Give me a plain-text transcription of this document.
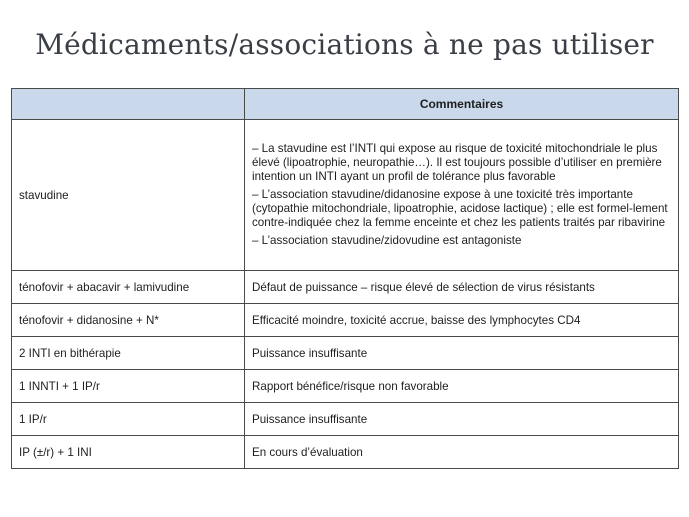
Médicaments/associations à ne pas utiliser
	Commentaires
stavudine	– La stavudine est l’INTI qui expose au risque de toxicité mitochondriale le plus élevé (lipoatrophie, neuropathie…). Il est toujours possible d’utiliser en première intention un INTI ayant un profil de tolérance plus favorable

– L’association stavudine/didanosine expose à une toxicité très importante (cytopathie mitochondriale, lipoatrophie, acidose lactique) ; elle est formel-lement contre-indiquée chez la femme enceinte et chez les patients traités par ribavirine

– L’association stavudine/zidovudine est antagoniste

ténofovir + abacavir + lamivudine	Défaut de puissance – risque élevé de sélection de virus résistants
ténofovir + didanosine + N*	Efficacité moindre, toxicité accrue, baisse des lymphocytes CD4
2 INTI en bithérapie	Puissance insuffisante
1 INNTI + 1 IP/r	Rapport bénéfice/risque non favorable
1 IP/r	Puissance insuffisante
IP (±/r) + 1 INI	En cours d’évaluation
